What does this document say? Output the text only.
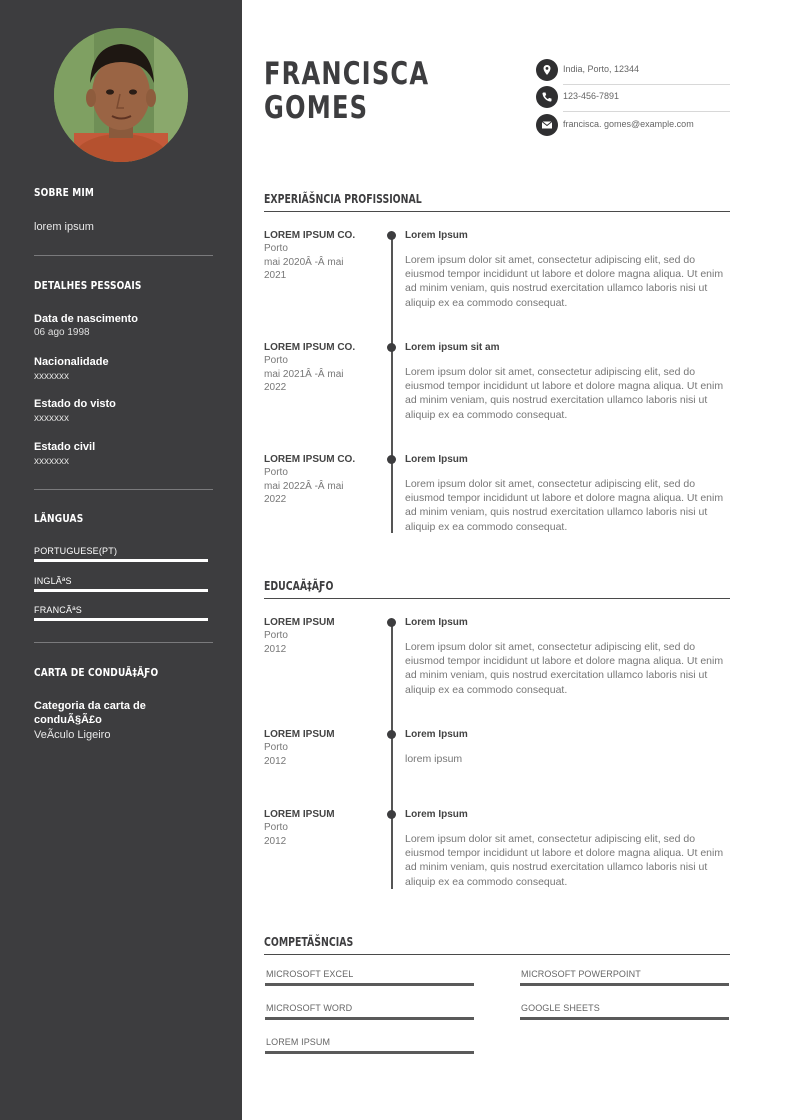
SOBRE MIM
lorem ipsum
DETALHES PESSOAIS
Data de nascimento
06 ago 1998
Nacionalidade
xxxxxxx
Estado do visto
xxxxxxx
Estado civil
xxxxxxx
LÃNGUAS
PORTUGUESE(PT)
INGLÃªS
FRANCÃªS
CARTA DE CONDUÃ‡ÃƑO
Categoria da carta de
conduÃ§Ã£o
VeÃculo Ligeiro
FRANCISCA
GOMES
India, Porto, 12344
123-456-7891
francisca. gomes@example.com
EXPERIÃŠNCIA PROFISSIONAL
LOREM IPSUM CO.
Porto
mai 2020Â -Â mai
2021
Lorem Ipsum
Lorem ipsum dolor sit amet, consectetur adipiscing elit, sed do eiusmod tempor incididunt ut labore et dolore magna aliqua. Ut enim ad minim veniam, quis nostrud exercitation ullamco laboris nisi ut aliquip ex ea commodo consequat.
LOREM IPSUM CO.
Porto
mai 2021Â -Â mai
2022
Lorem ipsum sit am
Lorem ipsum dolor sit amet, consectetur adipiscing elit, sed do eiusmod tempor incididunt ut labore et dolore magna aliqua. Ut enim ad minim veniam, quis nostrud exercitation ullamco laboris nisi ut aliquip ex ea commodo consequat.
LOREM IPSUM CO.
Porto
mai 2022Â -Â mai
2022
Lorem Ipsum
Lorem ipsum dolor sit amet, consectetur adipiscing elit, sed do eiusmod tempor incididunt ut labore et dolore magna aliqua. Ut enim ad minim veniam, quis nostrud exercitation ullamco laboris nisi ut aliquip ex ea commodo consequat.
EDUCAÃ‡ÃƑO
LOREM IPSUM
Porto
2012
Lorem Ipsum
Lorem ipsum dolor sit amet, consectetur adipiscing elit, sed do eiusmod tempor incididunt ut labore et dolore magna aliqua. Ut enim ad minim veniam, quis nostrud exercitation ullamco laboris nisi ut aliquip ex ea commodo consequat.
LOREM IPSUM
Porto
2012
Lorem Ipsum
lorem ipsum
LOREM IPSUM
Porto
2012
Lorem Ipsum
Lorem ipsum dolor sit amet, consectetur adipiscing elit, sed do eiusmod tempor incididunt ut labore et dolore magna aliqua. Ut enim ad minim veniam, quis nostrud exercitation ullamco laboris nisi ut aliquip ex ea commodo consequat.
COMPETÃŠNCIAS
MICROSOFT EXCEL	MICROSOFT POWERPOINT
MICROSOFT WORD	GOOGLE SHEETS
LOREM IPSUM
